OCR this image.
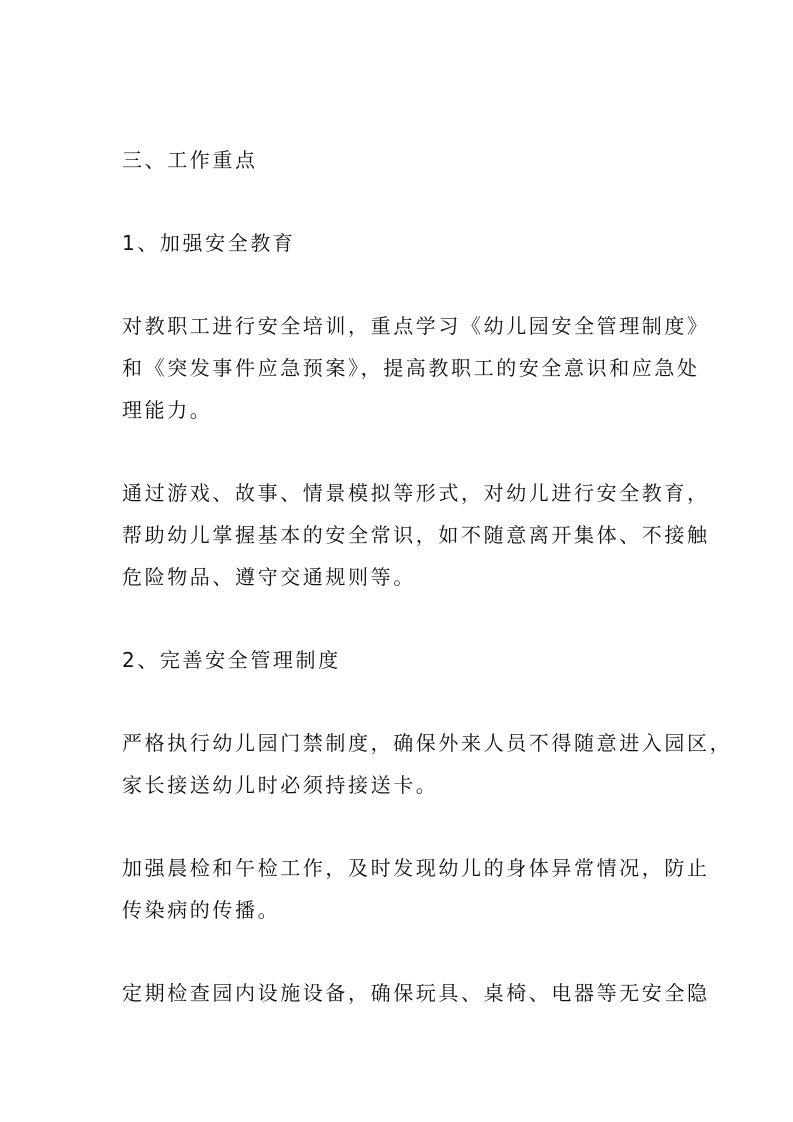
三、工作重点
1、加强安全教育
对教职工进行安全培训，重点学习《幼儿园安全管理制度》
和《突发事件应急预案》，提高教职工的安全意识和应急处
理能力。
通过游戏、故事、情景模拟等形式，对幼儿进行安全教育，
帮助幼儿掌握基本的安全常识，如不随意离开集体、不接触
危险物品、遵守交通规则等。
2、完善安全管理制度
严格执行幼儿园门禁制度，确保外来人员不得随意进入园区，
家长接送幼儿时必须持接送卡。
加强晨检和午检工作，及时发现幼儿的身体异常情况，防止
传染病的传播。
定期检查园内设施设备，确保玩具、桌椅、电器等无安全隐
